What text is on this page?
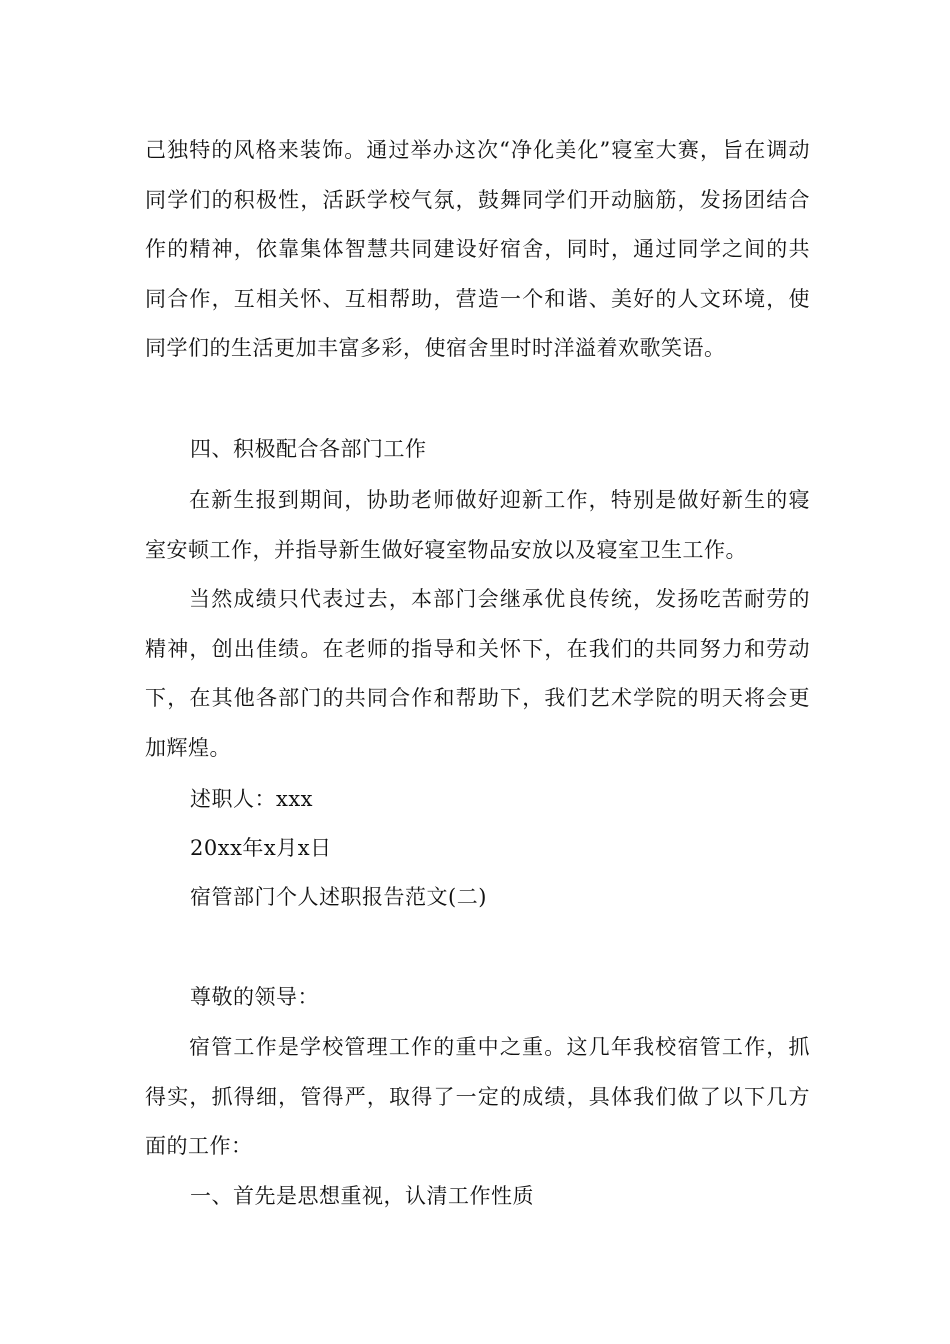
己独特的风格来装饰。通过举办这次“净化美化”寝室大赛，旨在调动同学们的积极性，活跃学校气氛，鼓舞同学们开动脑筋，发扬团结合作的精神，依靠集体智慧共同建设好宿舍，同时，通过同学之间的共同合作，互相关怀、互相帮助，营造一个和谐、美好的人文环境，使同学们的生活更加丰富多彩，使宿舍里时时洋溢着欢歌笑语。

四、积极配合各部门工作

在新生报到期间，协助老师做好迎新工作，特别是做好新生的寝室安顿工作，并指导新生做好寝室物品安放以及寝室卫生工作。

当然成绩只代表过去，本部门会继承优良传统，发扬吃苦耐劳的精神，创出佳绩。在老师的指导和关怀下，在我们的共同努力和劳动下，在其他各部门的共同合作和帮助下，我们艺术学院的明天将会更加辉煌。

述职人：xxx

20xx年x月x日

宿管部门个人述职报告范文(二)

尊敬的领导：

宿管工作是学校管理工作的重中之重。这几年我校宿管工作，抓得实，抓得细，管得严，取得了一定的成绩，具体我们做了以下几方面的工作：

一、首先是思想重视，认清工作性质
